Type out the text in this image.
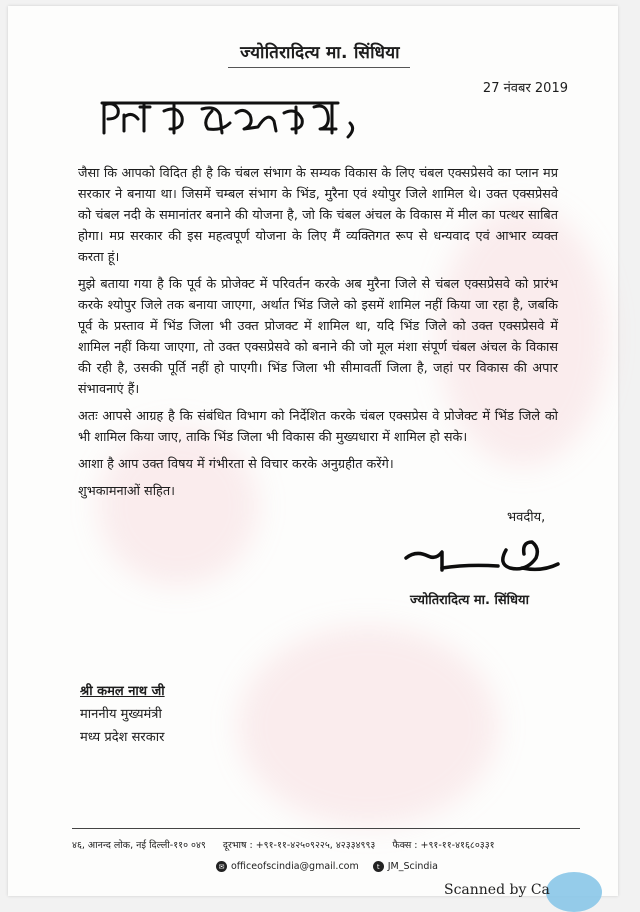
ज्योतिरादित्य मा. सिंधिया
27 नंवबर 2019

जैसा कि आपको विदित ही है कि चंबल संभाग के सम्यक विकास के लिए चंबल एक्सप्रेसवे का प्लान मप्र सरकार ने बनाया था। जिसमें चम्बल संभाग के भिंड, मुरैना एवं श्योपुर जिले शामिल थे। उक्त एक्सप्रेसवे को चंबल नदी के समानांतर बनाने की योजना है, जो कि चंबल अंचल के विकास में मील का पत्थर साबित होगा। मप्र सरकार की इस महत्वपूर्ण योजना के लिए मैं व्यक्तिगत रूप से धन्यवाद एवं आभार व्यक्त करता हूं।

मुझे बताया गया है कि पूर्व के प्रोजेक्ट में परिवर्तन करके अब मुरैना जिले से चंबल एक्सप्रेसवे को प्रारंभ करके श्योपुर जिले तक बनाया जाएगा, अर्थात भिंड जिले को इसमें शामिल नहीं किया जा रहा है, जबकि पूर्व के प्रस्ताव में भिंड जिला भी उक्त प्रोजक्ट में शामिल था, यदि भिंड जिले को उक्त एक्सप्रेसवे में शामिल नहीं किया जाएगा, तो उक्त एक्सप्रेसवे को बनाने की जो मूल मंशा संपूर्ण चंबल अंचल के विकास की रही है, उसकी पूर्ति नहीं हो पाएगी। भिंड जिला भी सीमावर्ती जिला है, जहां पर विकास की अपार संभावनाएं हैं।

अतः आपसे आग्रह है कि संबंधित विभाग को निर्देशित करके चंबल एक्सप्रेस वे प्रोजेक्ट में भिंड जिले को भी शामिल किया जाए, ताकि भिंड जिला भी विकास की मुख्यधारा में शामिल हो सके।

आशा है आप उक्त विषय में गंभीरता से विचार करके अनुग्रहीत करेंगे।

शुभकामनाओं सहित।

भवदीय,
ज्योतिरादित्य मा. सिंधिया
श्री कमल नाथ जी
माननीय मुख्यमंत्री
मध्य प्रदेश सरकार
४६, आनन्द लोक, नई दिल्ली-११० ०४९ दूरभाष : +९१-११-४२५०९२२५, ४२३३४९९३ फैक्स : +९१-११-४१६८०३३१
✉ officeofscindia@gmail.com	t JM_Scindia
Scanned by Ca
